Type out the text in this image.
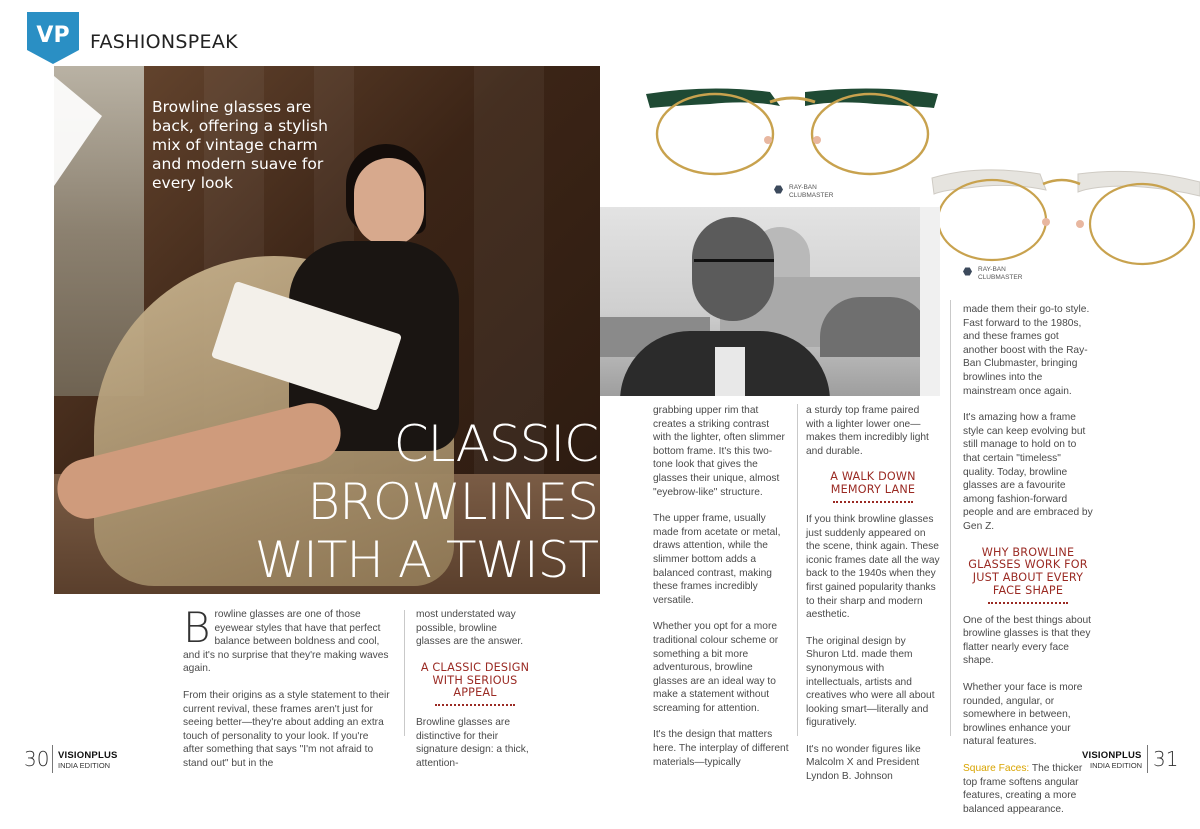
VP FASHIONSPEAK
Browline glasses are back, offering a stylish mix of vintage charm and modern suave for every look
CLASSIC
BROWLINES
WITH A TWIST

Browline glasses are one of those eyewear styles that have that perfect balance between boldness and cool, and it's no surprise that they're making waves again.

From their origins as a style statement to their current revival, these frames aren't just for seeing better—they're about adding an extra touch of personality to your look. If you're after something that says "I'm not afraid to stand out" but in the

most understated way possible, browline glasses are the answer.

A CLASSIC DESIGN WITH SERIOUS APPEAL

Browline glasses are distinctive for their signature design: a thick, attention-

RAY-BAN
CLUBMASTER
RAY-BAN
CLUBMASTER

grabbing upper rim that creates a striking contrast with the lighter, often slimmer bottom frame. It's this two-tone look that gives the glasses their unique, almost "eyebrow-like" structure.

The upper frame, usually made from acetate or metal, draws attention, while the slimmer bottom adds a balanced contrast, making these frames incredibly versatile.

Whether you opt for a more traditional colour scheme or something a bit more adventurous, browline glasses are an ideal way to make a statement without screaming for attention.

It's the design that matters here. The interplay of different materials—typically

a sturdy top frame paired with a lighter lower one—makes them incredibly light and durable.

A WALK DOWN MEMORY LANE

If you think browline glasses just suddenly appeared on the scene, think again. These iconic frames date all the way back to the 1940s when they first gained popularity thanks to their sharp and modern aesthetic.

The original design by Shuron Ltd. made them synonymous with intellectuals, artists and creatives who were all about looking smart—literally and figuratively.

It's no wonder figures like Malcolm X and President Lyndon B. Johnson

made them their go-to style. Fast forward to the 1980s, and these frames got another boost with the Ray-Ban Clubmaster, bringing browlines into the mainstream once again.

It's amazing how a frame style can keep evolving but still manage to hold on to that certain "timeless" quality. Today, browline glasses are a favourite among fashion-forward people and are embraced by Gen Z.

WHY BROWLINE GLASSES WORK FOR JUST ABOUT EVERY FACE SHAPE

One of the best things about browline glasses is that they flatter nearly every face shape.

Whether your face is more rounded, angular, or somewhere in between, browlines enhance your natural features.

Square Faces: The thicker top frame softens angular features, creating a more balanced appearance.

30 VISIONPLUS
INDIA EDITION
VISIONPLUS
INDIA EDITION 31
